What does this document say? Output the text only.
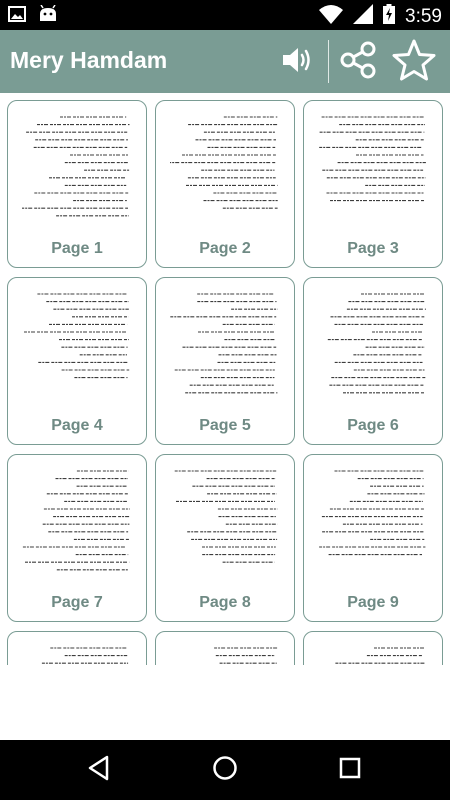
3:59
Mery Hamdam
Page 1	Page 2	Page 3
Page 4	Page 5	Page 6
Page 7	Page 8	Page 9
